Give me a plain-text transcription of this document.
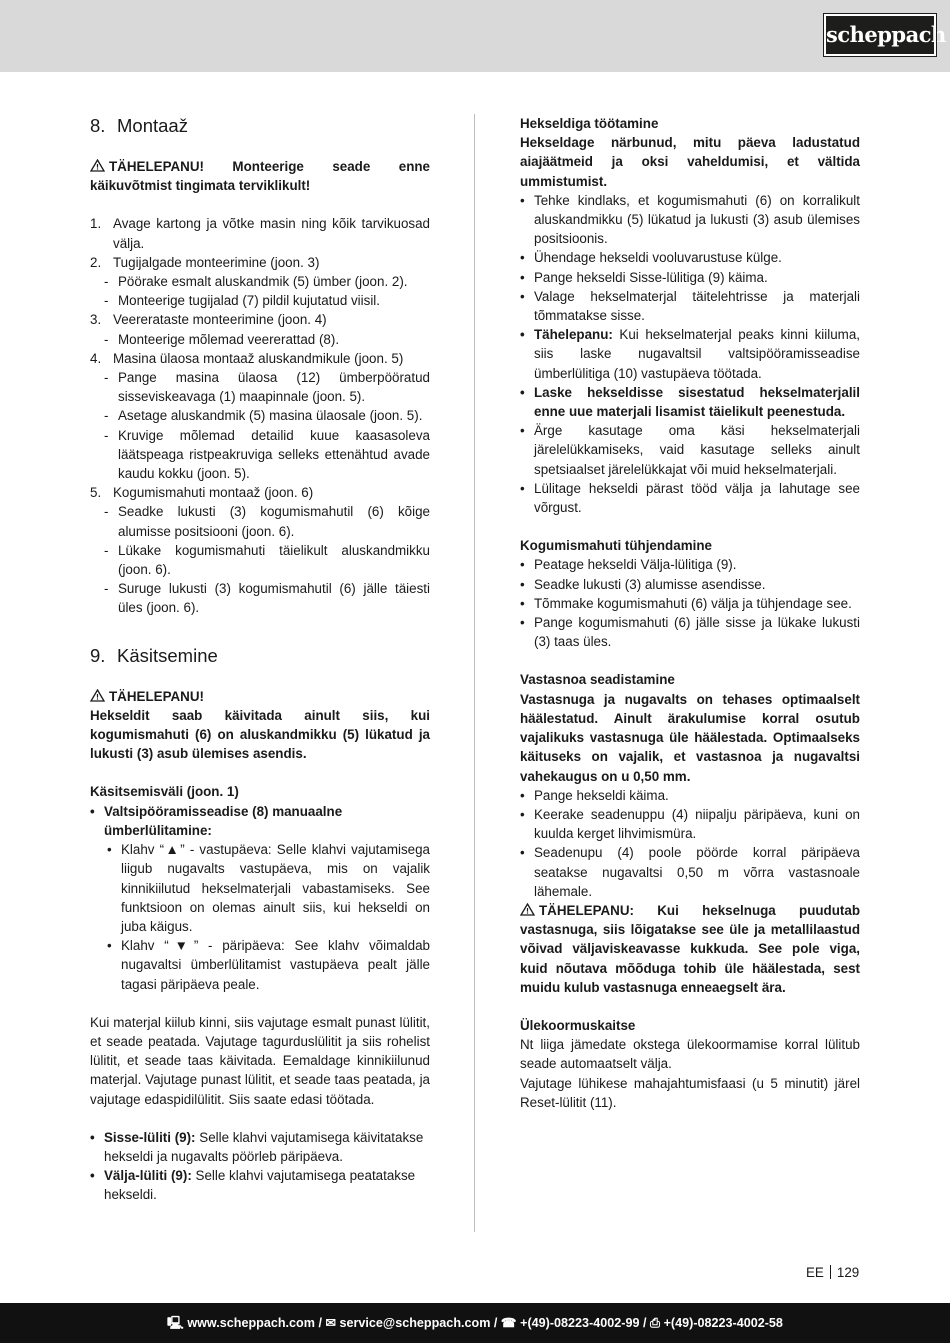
scheppach
8. Montaaž

TÄHELEPANU! Monteerige seade enne käikuvõtmist tingimata terviklikult!

1. Avage kartong ja võtke masin ning kõik tarvikuosad välja.
2. Tugijalgade monteerimine (joon. 3)
- Pöörake esmalt aluskandmik (5) ümber (joon. 2).
- Monteerige tugijalad (7) pildil kujutatud viisil.
3. Veererataste monteerimine (joon. 4)
- Monteerige mõlemad veererattad (8).
4. Masina ülaosa montaaž aluskandmikule (joon. 5)
- Pange masina ülaosa (12) ümberpööratud sisseviskeavaga (1) maapinnale (joon. 5).
- Asetage aluskandmik (5) masina ülaosale (joon. 5).
- Kruvige mõlemad detailid kuue kaasasoleva läätspeaga ristpeakruviga selleks ettenähtud avade kaudu kokku (joon. 5).
5. Kogumismahuti montaaž (joon. 6)
- Seadke lukusti (3) kogumismahutil (6) kõige alumisse positsiooni (joon. 6).
- Lükake kogumismahuti täielikult aluskandmikku (joon. 6).
- Suruge lukusti (3) kogumismahutil (6) jälle täiesti üles (joon. 6).
9. Käsitsemine

TÄHELEPANU!

Hekseldit saab käivitada ainult siis, kui kogumismahuti (6) on aluskandmikku (5) lükatud ja lukusti (3) asub ülemises asendis.

Käsitsemisväli (joon. 1)

• Valtsipööramisseadise (8) manuaalne ümberlülitamine:
• Klahv “▲” - vastupäeva: Selle klahvi vajutamisega liigub nugavalts vastupäeva, mis on vajalik kinnikiilutud hekselmaterjali vabastamiseks. See funktsioon on olemas ainult siis, kui hekseldi on juba käigus.
• Klahv “▼” - päripäeva: See klahv võimaldab nugavaltsi ümberlülitamist vastupäeva pealt jälle tagasi päripäeva peale.

Kui materjal kiilub kinni, siis vajutage esmalt punast lülitit, et seade peatada. Vajutage tagurduslülitit ja siis rohelist lülitit, et seade taas käivitada. Eemaldage kinnikiilunud materjal. Vajutage punast lülitit, et seade taas peatada, ja vajutage edaspidilülitit. Siis saate edasi töötada.

• Sisse-lüliti (9): Selle klahvi vajutamisega käivitatakse hekseldi ja nugavalts pöörleb päripäeva.
• Välja-lüliti (9): Selle klahvi vajutamisega peatatakse hekseldi.

Hekseldiga töötamine

Hekseldage närbunud, mitu päeva ladustatud aiajäätmeid ja oksi vaheldumisi, et vältida ummistumist.

• Tehke kindlaks, et kogumismahuti (6) on korralikult aluskandmikku (5) lükatud ja lukusti (3) asub ülemises positsioonis.
• Ühendage hekseldi vooluvarustuse külge.
• Pange hekseldi Sisse-lülitiga (9) käima.
• Valage hekselmaterjal täitelehtrisse ja materjali tõmmatakse sisse.
• Tähelepanu: Kui hekselmaterjal peaks kinni kiiluma, siis laske nugavaltsil valtsipööramisseadise ümberlülitiga (10) vastupäeva töötada.
• Laske hekseldisse sisestatud hekselmaterjalil enne uue materjali lisamist täielikult peenestuda.
• Ärge kasutage oma käsi hekselmaterjali järelelükkamiseks, vaid kasutage selleks ainult spetsiaalset järelelükkajat või muid hekselmaterjali.
• Lülitage hekseldi pärast tööd välja ja lahutage see võrgust.

Kogumismahuti tühjendamine

• Peatage hekseldi Välja-lülitiga (9).
• Seadke lukusti (3) alumisse asendisse.
• Tõmmake kogumismahuti (6) välja ja tühjendage see.
• Pange kogumismahuti (6) jälle sisse ja lükake lukusti (3) taas üles.

Vastasnoa seadistamine

Vastasnuga ja nugavalts on tehases optimaalselt häälestatud. Ainult ärakulumise korral osutub vajalikuks vastasnuga üle häälestada. Optimaalseks käituseks on vajalik, et vastasnoa ja nugavaltsi vahekaugus on u 0,50 mm.

• Pange hekseldi käima.
• Keerake seadenuppu (4) niipalju päripäeva, kuni on kuulda kerget lihvimismüra.
• Seadenupu (4) poole pöörde korral päripäeva seatakse nugavaltsi 0,50 m võrra vastasnoale lähemale.

TÄHELEPANU: Kui hekselnuga puudutab vastasnuga, siis lõigatakse see üle ja metallilaastud võivad väljaviskeavasse kukkuda. See pole viga, kuid nõutava mõõduga tohib üle häälestada, sest muidu kulub vastasnuga enneaegselt ära.

Ülekoormuskaitse

Nt liiga jämedate okstega ülekoormamise korral lülitub seade automaatselt välja.

Vajutage lühikese mahajahtumisfaasi (u 5 minutit) järel Reset-lülitit (11).

EE 129
🖳︎ www.scheppach.com / ✉︎ service@scheppach.com / ☎︎ +(49)-08223-4002-99 / ⎙︎ +(49)-08223-4002-58
